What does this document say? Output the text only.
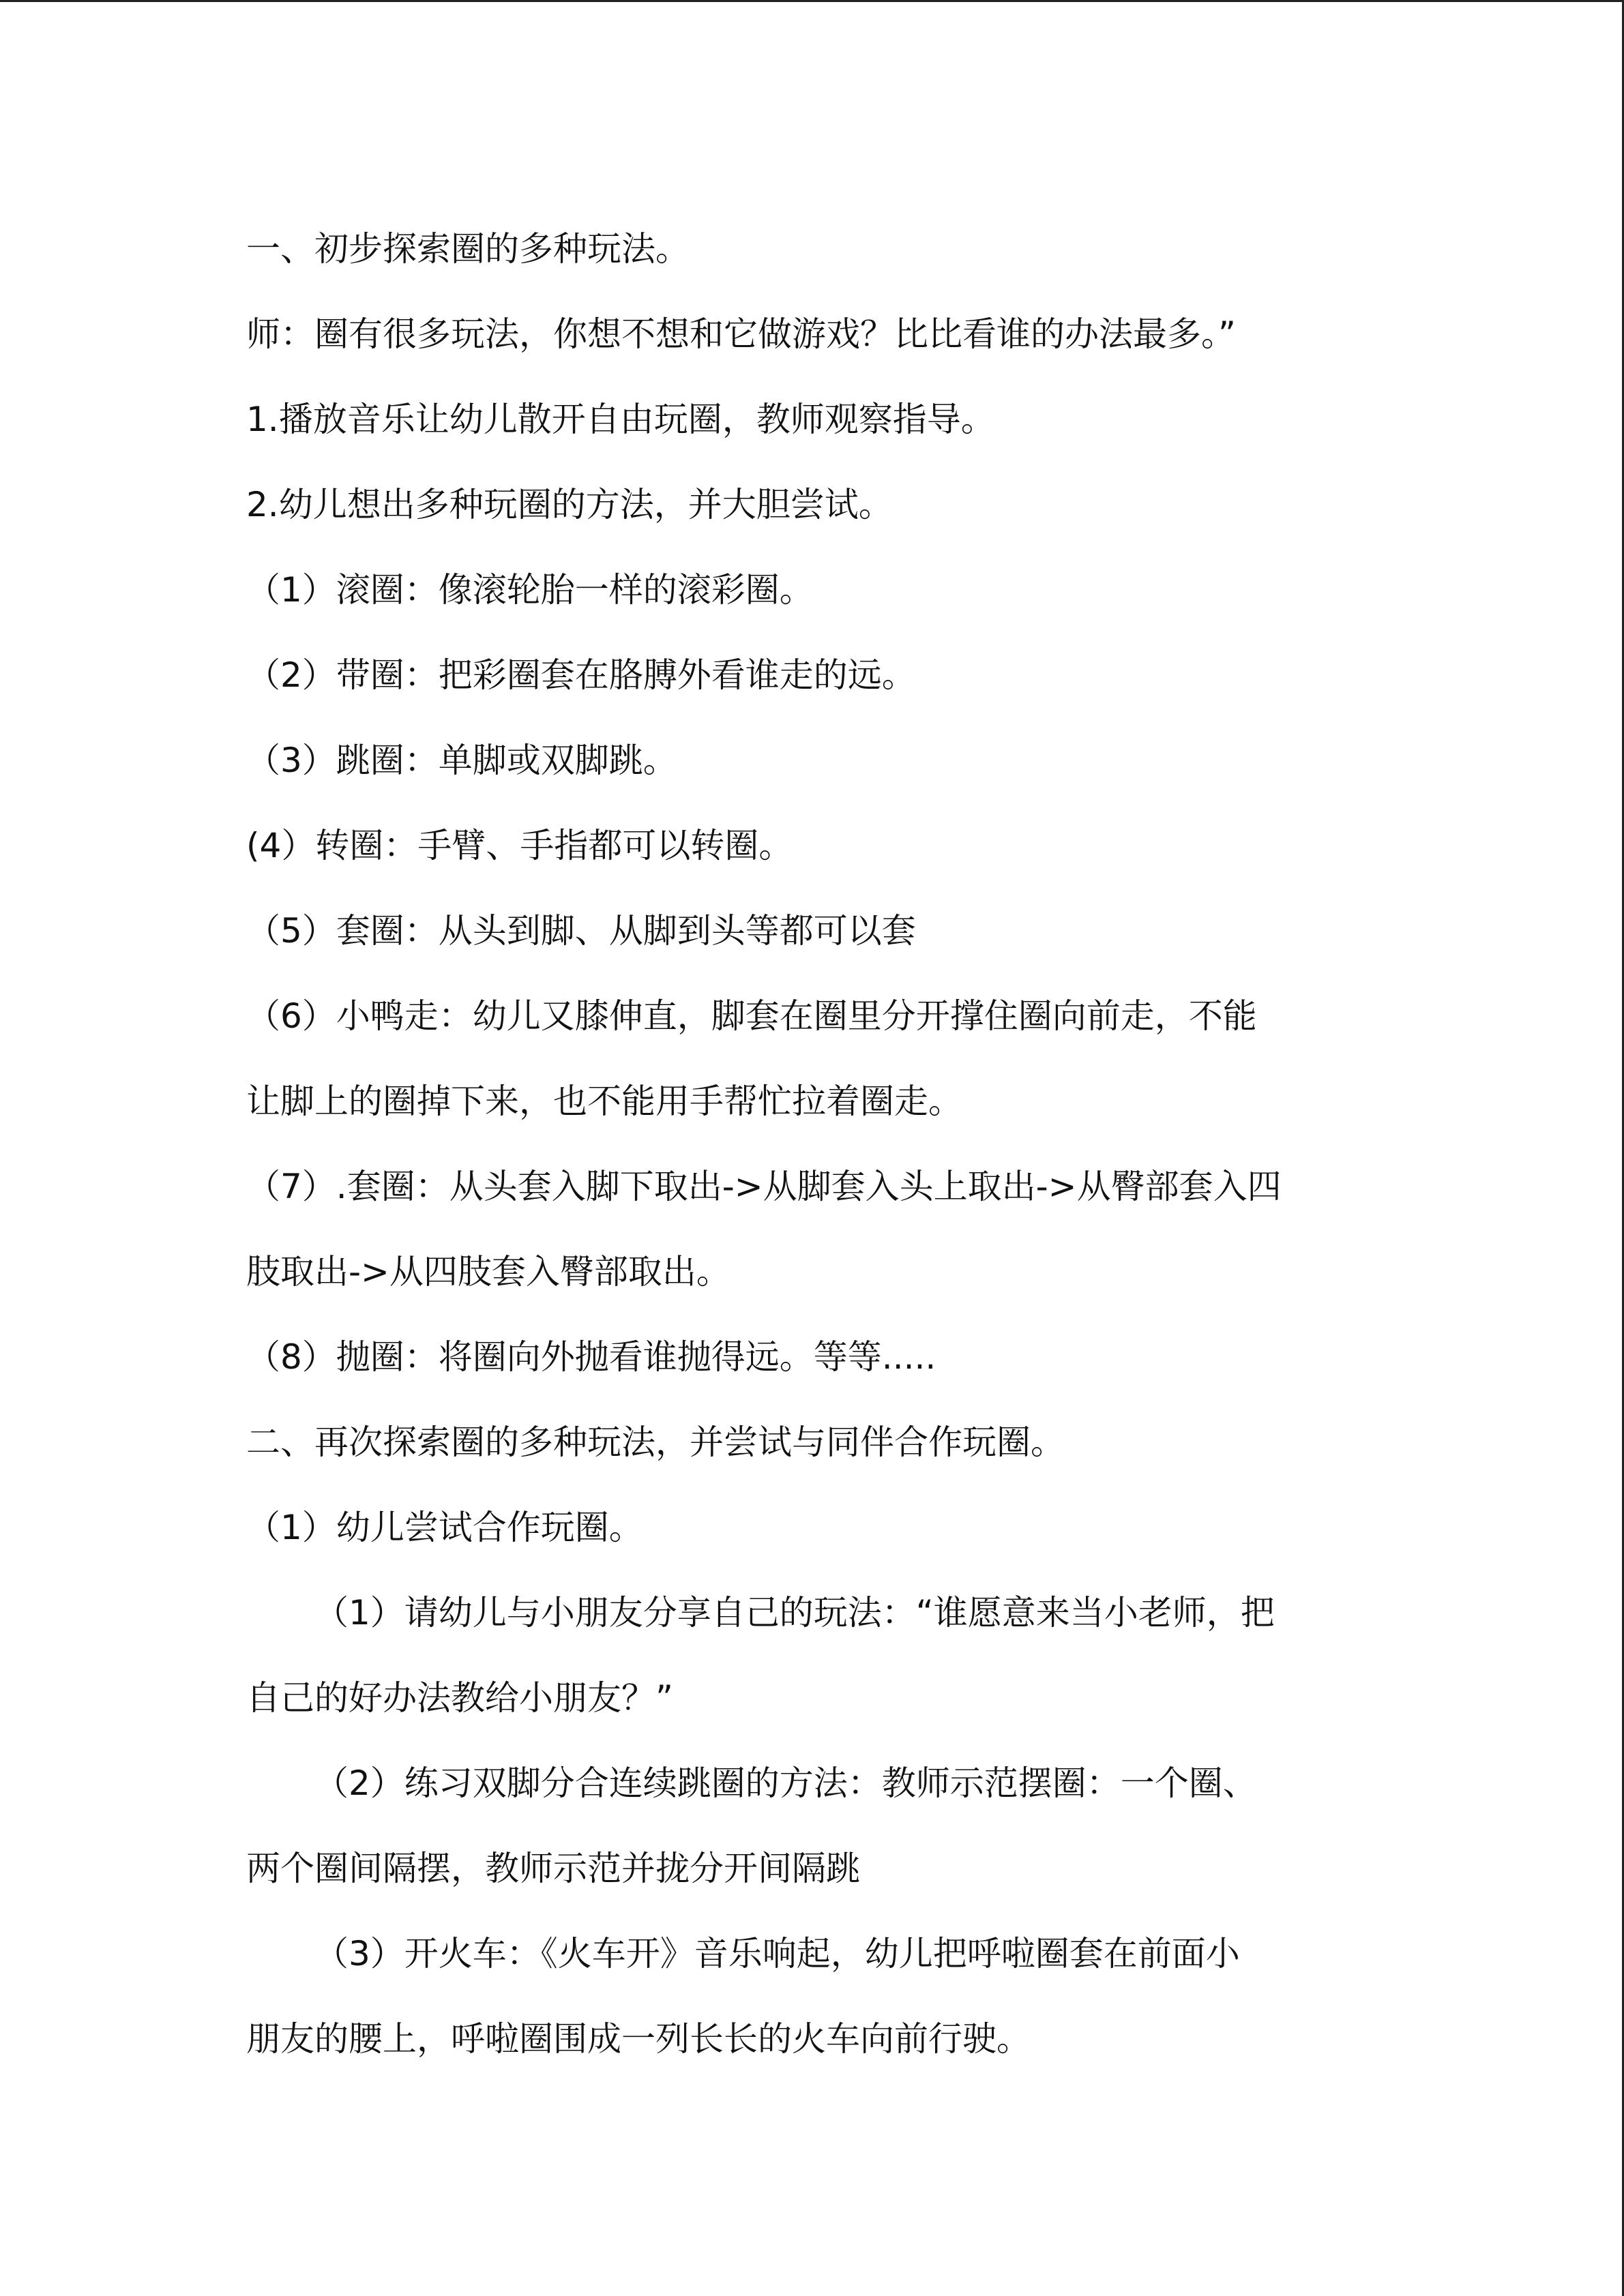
一、初步探索圈的多种玩法。

师：圈有很多玩法，你想不想和它做游戏？比比看谁的办法最多。”

1.播放音乐让幼儿散开自由玩圈，教师观察指导。

2.幼儿想出多种玩圈的方法，并大胆尝试。

（1）滚圈：像滚轮胎一样的滚彩圈。

（2）带圈：把彩圈套在胳膊外看谁走的远。

（3）跳圈：单脚或双脚跳。

(4）转圈：手臂、手指都可以转圈。

（5）套圈：从头到脚、从脚到头等都可以套

（6）小鸭走：幼儿又膝伸直，脚套在圈里分开撑住圈向前走，不能

让脚上的圈掉下来，也不能用手帮忙拉着圈走。

（7）.套圈：从头套入脚下取出->从脚套入头上取出->从臀部套入四

肢取出->从四肢套入臀部取出。

（8）抛圈：将圈向外抛看谁抛得远。等等.....

二、再次探索圈的多种玩法，并尝试与同伴合作玩圈。

（1）幼儿尝试合作玩圈。

（1）请幼儿与小朋友分享自己的玩法：“谁愿意来当小老师，把

自己的好办法教给小朋友？”

（2）练习双脚分合连续跳圈的方法：教师示范摆圈：一个圈、

两个圈间隔摆，教师示范并拢分开间隔跳

（3）开火车：《火车开》音乐响起，幼儿把呼啦圈套在前面小

朋友的腰上，呼啦圈围成一列长长的火车向前行驶。
